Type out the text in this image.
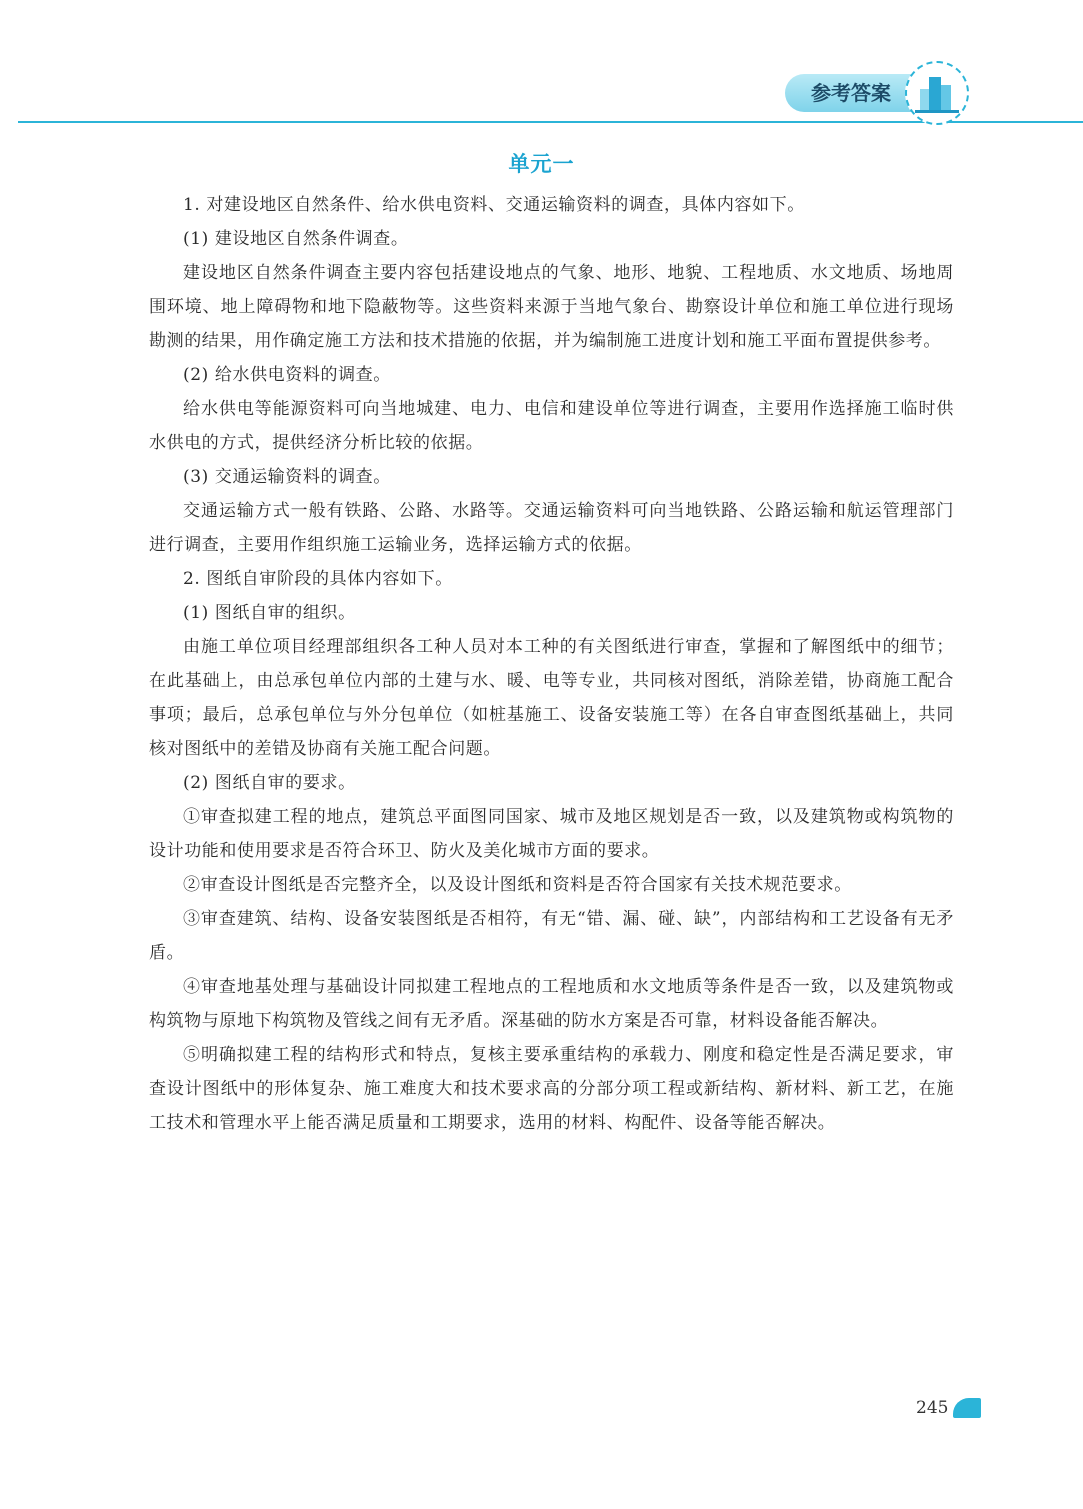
参考答案
单元一

1. 对建设地区自然条件、给水供电资料、交通运输资料的调查，具体内容如下。

(1) 建设地区自然条件调查。

建设地区自然条件调查主要内容包括建设地点的气象、地形、地貌、工程地质、水文地质、场地周围环境、地上障碍物和地下隐蔽物等。这些资料来源于当地气象台、勘察设计单位和施工单位进行现场勘测的结果，用作确定施工方法和技术措施的依据，并为编制施工进度计划和施工平面布置提供参考。

(2) 给水供电资料的调查。

给水供电等能源资料可向当地城建、电力、电信和建设单位等进行调查，主要用作选择施工临时供水供电的方式，提供经济分析比较的依据。

(3) 交通运输资料的调查。

交通运输方式一般有铁路、公路、水路等。交通运输资料可向当地铁路、公路运输和航运管理部门进行调查，主要用作组织施工运输业务，选择运输方式的依据。

2. 图纸自审阶段的具体内容如下。

(1) 图纸自审的组织。

由施工单位项目经理部组织各工种人员对本工种的有关图纸进行审查，掌握和了解图纸中的细节；在此基础上，由总承包单位内部的土建与水、暖、电等专业，共同核对图纸，消除差错，协商施工配合事项；最后，总承包单位与外分包单位（如桩基施工、设备安装施工等）在各自审查图纸基础上，共同核对图纸中的差错及协商有关施工配合问题。

(2) 图纸自审的要求。

①审查拟建工程的地点，建筑总平面图同国家、城市及地区规划是否一致，以及建筑物或构筑物的设计功能和使用要求是否符合环卫、防火及美化城市方面的要求。

②审查设计图纸是否完整齐全，以及设计图纸和资料是否符合国家有关技术规范要求。

③审查建筑、结构、设备安装图纸是否相符，有无“错、漏、碰、缺”，内部结构和工艺设备有无矛盾。

④审查地基处理与基础设计同拟建工程地点的工程地质和水文地质等条件是否一致，以及建筑物或构筑物与原地下构筑物及管线之间有无矛盾。深基础的防水方案是否可靠，材料设备能否解决。

⑤明确拟建工程的结构形式和特点，复核主要承重结构的承载力、刚度和稳定性是否满足要求，审查设计图纸中的形体复杂、施工难度大和技术要求高的分部分项工程或新结构、新材料、新工艺，在施工技术和管理水平上能否满足质量和工期要求，选用的材料、构配件、设备等能否解决。

245
